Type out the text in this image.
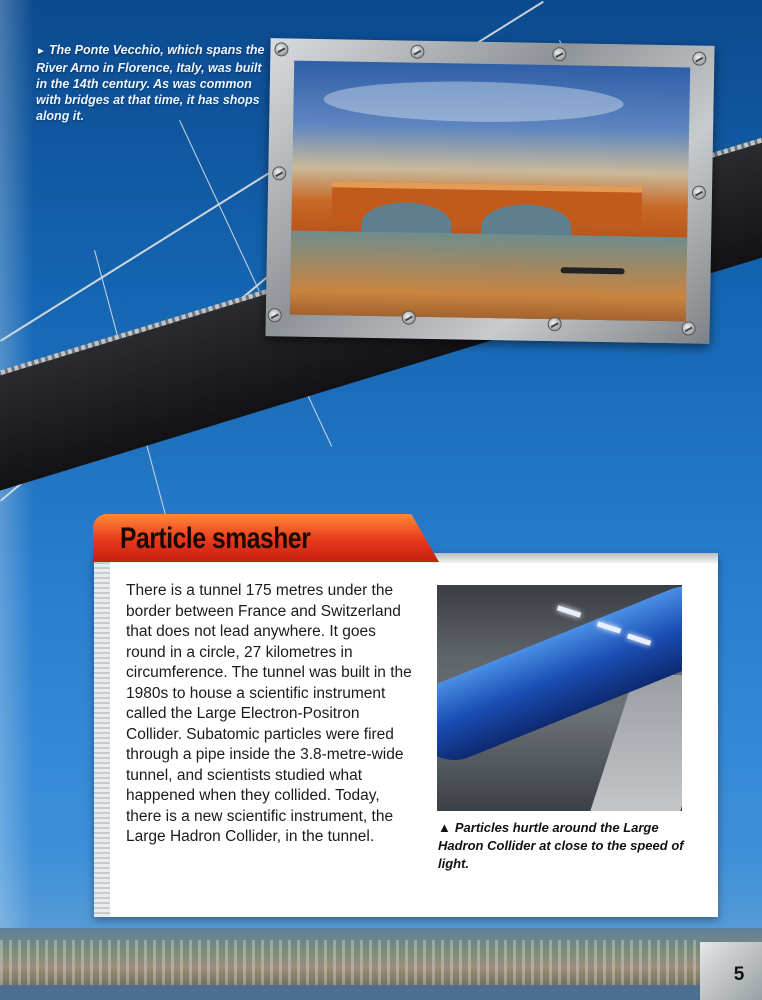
► The Ponte Vecchio, which spans the River Arno in Florence, Italy, was built in the 14th century. As was common with bridges at that time, it has shops along it.
Particle smasher

There is a tunnel 175 metres under the border between France and Switzerland that does not lead anywhere. It goes round in a circle, 27 kilometres in circumference. The tunnel was built in the 1980s to house a scientific instrument called the Large Electron-Positron Collider. Subatomic particles were fired through a pipe inside the 3.8-metre-wide tunnel, and scientists studied what happened when they collided. Today, there is a new scientific instrument, the Large Hadron Collider, in the tunnel.

▲ Particles hurtle around the Large Hadron Collider at close to the speed of light.
5
